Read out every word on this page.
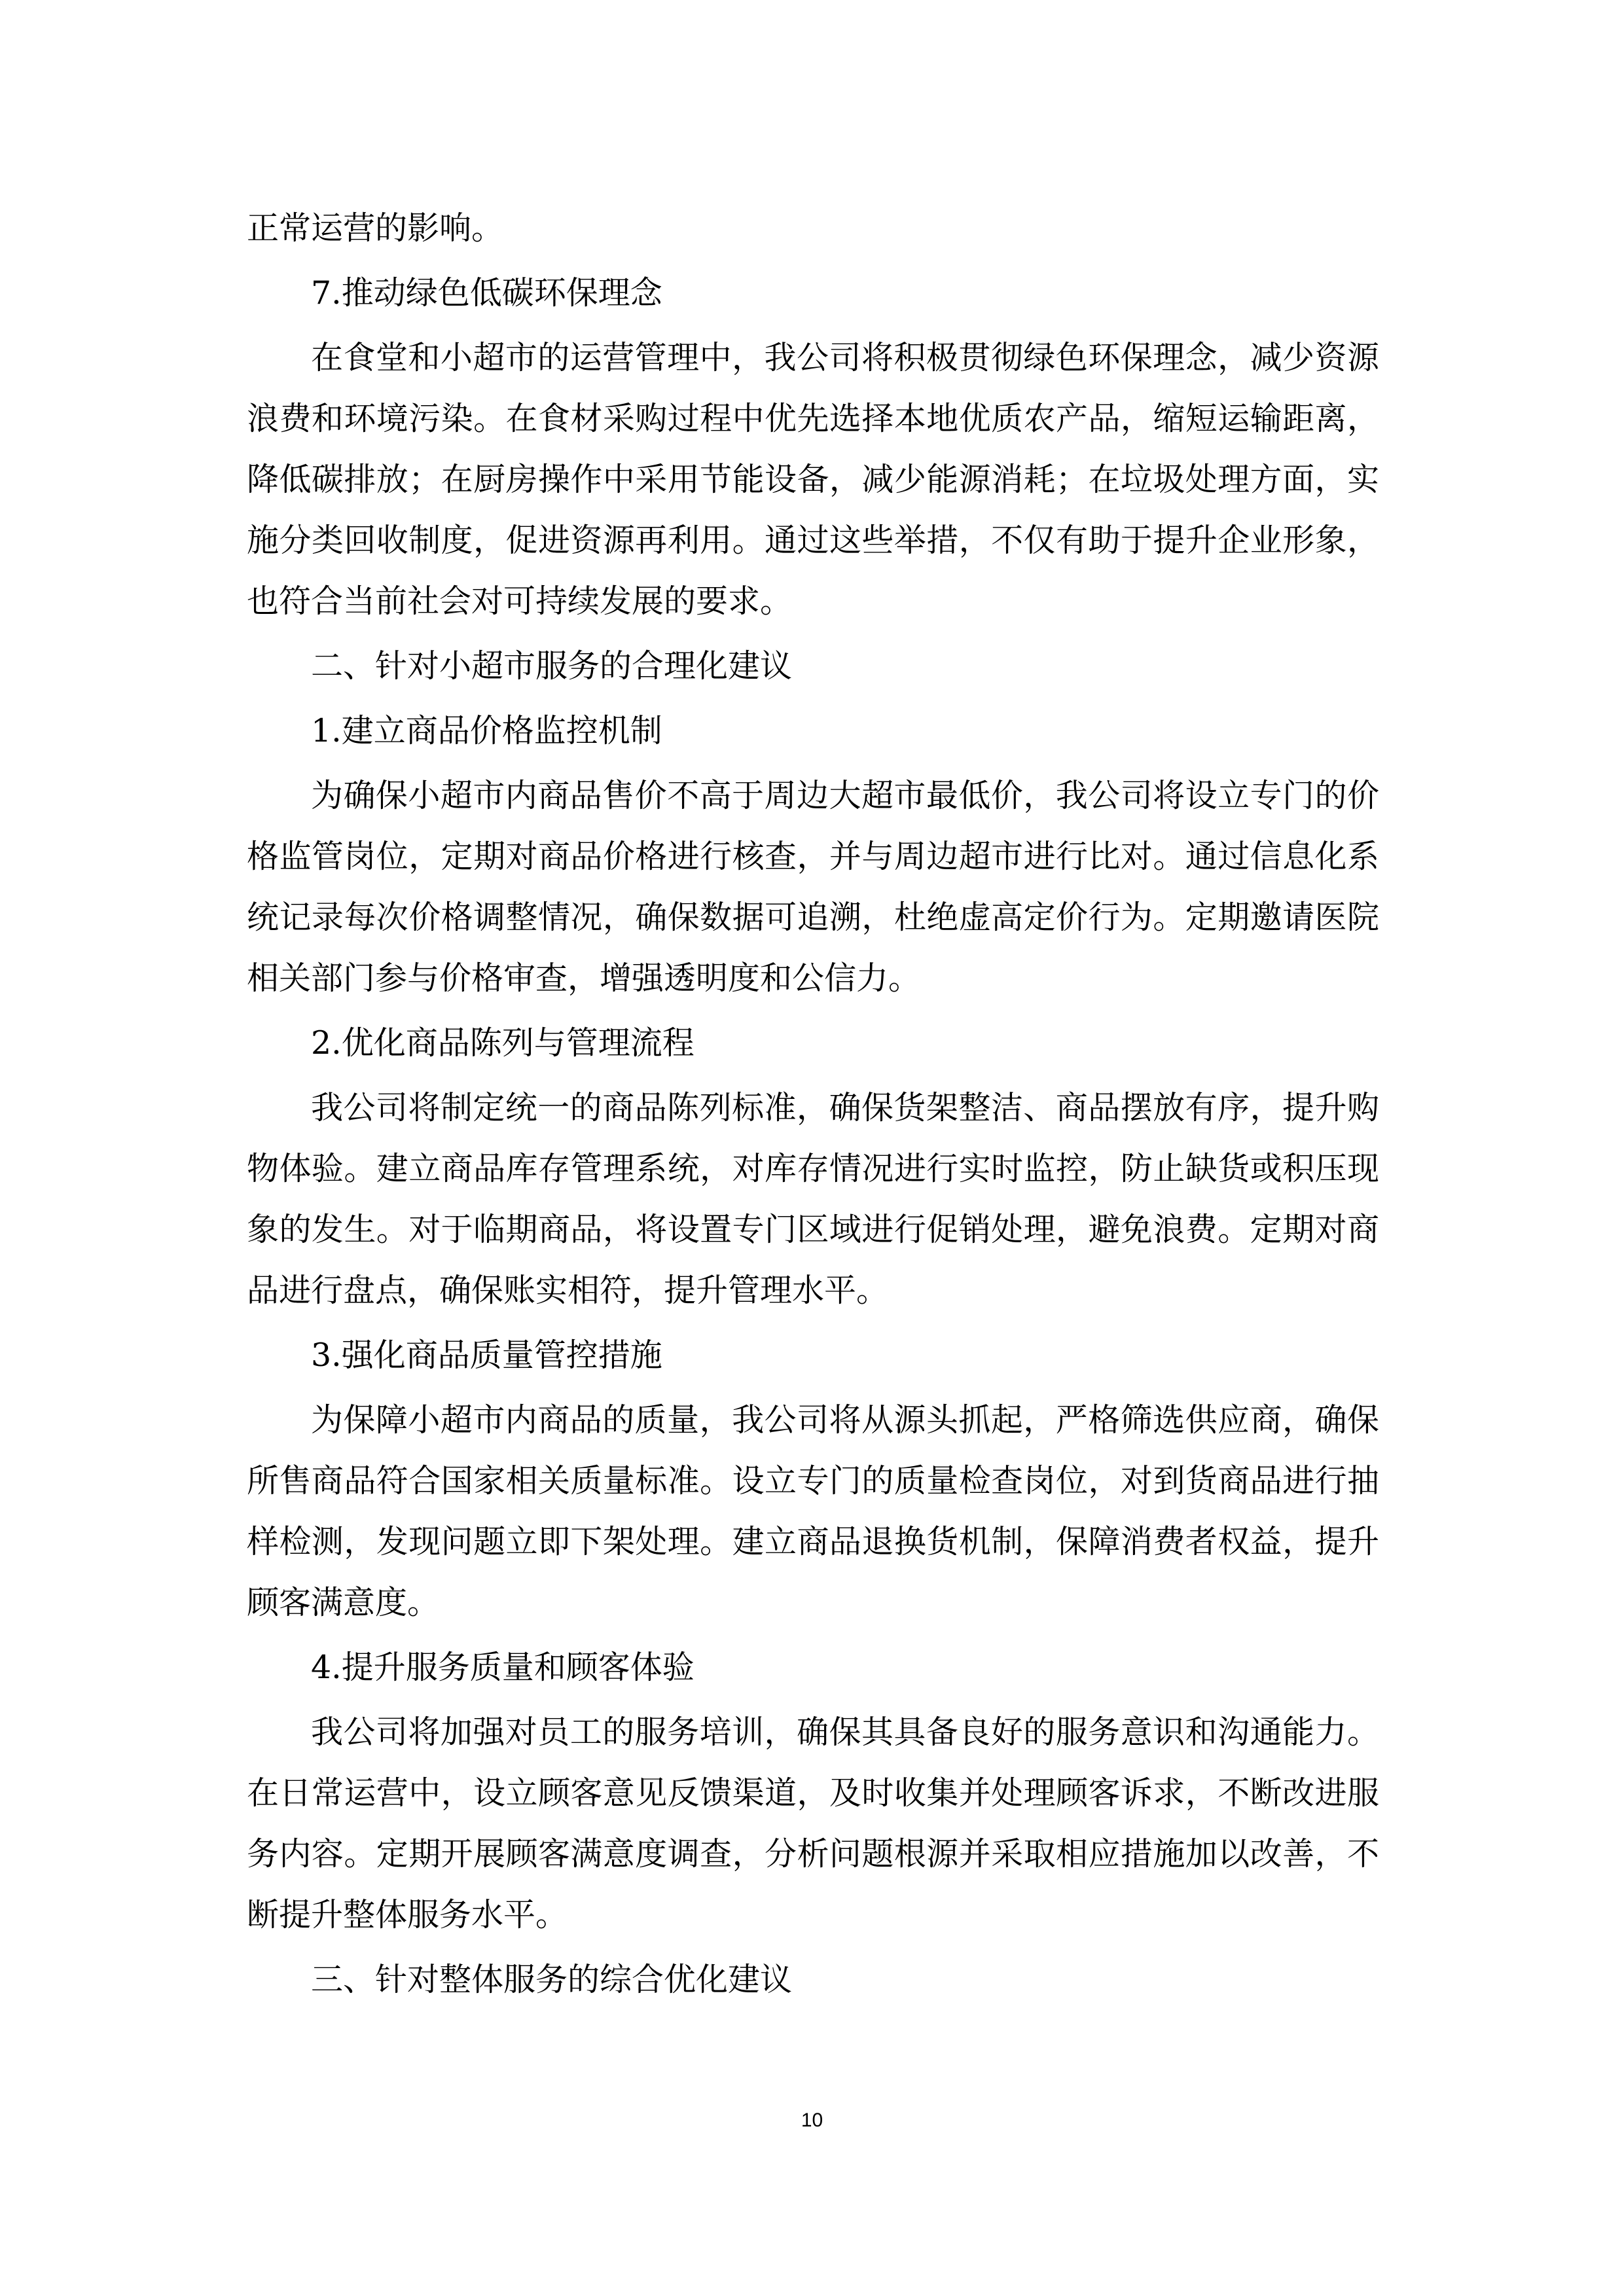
正常运营的影响。

7.推动绿色低碳环保理念

在食堂和小超市的运营管理中，我公司将积极贯彻绿色环保理念，减少资源浪费和环境污染。在食材采购过程中优先选择本地优质农产品，缩短运输距离，降低碳排放；在厨房操作中采用节能设备，减少能源消耗；在垃圾处理方面，实施分类回收制度，促进资源再利用。通过这些举措，不仅有助于提升企业形象，也符合当前社会对可持续发展的要求。

二、针对小超市服务的合理化建议

1.建立商品价格监控机制

为确保小超市内商品售价不高于周边大超市最低价，我公司将设立专门的价格监管岗位，定期对商品价格进行核查，并与周边超市进行比对。通过信息化系统记录每次价格调整情况，确保数据可追溯，杜绝虚高定价行为。定期邀请医院相关部门参与价格审查，增强透明度和公信力。

2.优化商品陈列与管理流程

我公司将制定统一的商品陈列标准，确保货架整洁、商品摆放有序，提升购物体验。建立商品库存管理系统，对库存情况进行实时监控，防止缺货或积压现象的发生。对于临期商品，将设置专门区域进行促销处理，避免浪费。定期对商品进行盘点，确保账实相符，提升管理水平。

3.强化商品质量管控措施

为保障小超市内商品的质量，我公司将从源头抓起，严格筛选供应商，确保所售商品符合国家相关质量标准。设立专门的质量检查岗位，对到货商品进行抽样检测，发现问题立即下架处理。建立商品退换货机制，保障消费者权益，提升顾客满意度。

4.提升服务质量和顾客体验

我公司将加强对员工的服务培训，确保其具备良好的服务意识和沟通能力。在日常运营中，设立顾客意见反馈渠道，及时收集并处理顾客诉求，不断改进服务内容。定期开展顾客满意度调查，分析问题根源并采取相应措施加以改善，不断提升整体服务水平。

三、针对整体服务的综合优化建议

10
